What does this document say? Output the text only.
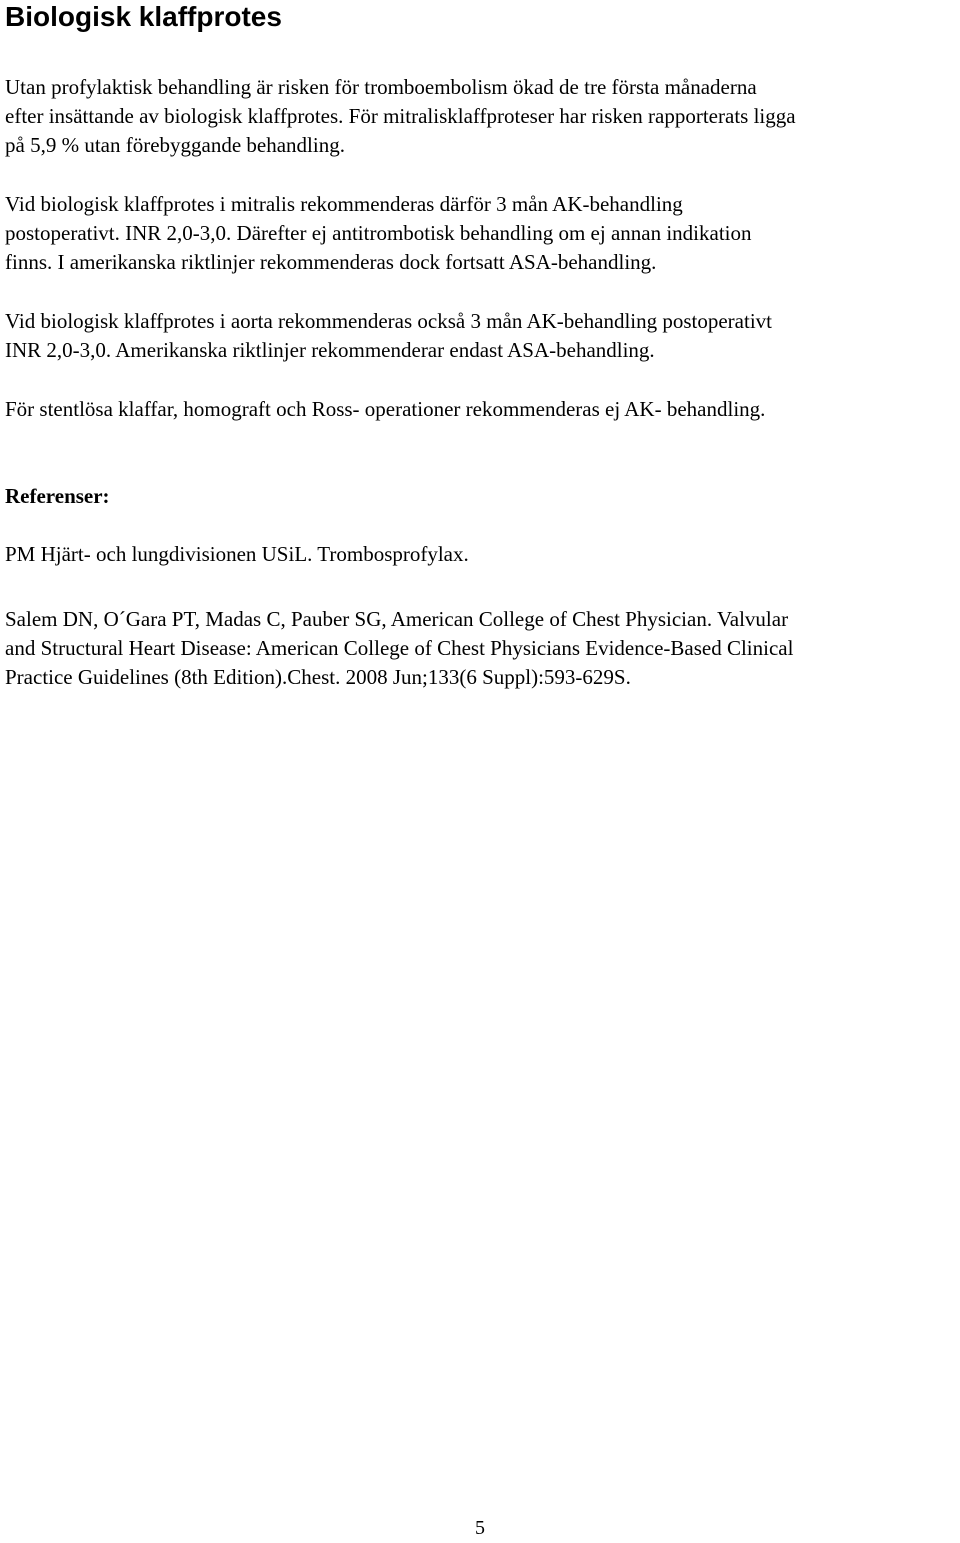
Biologisk klaffprotes

Utan profylaktisk behandling är risken för tromboembolism ökad de tre första månaderna
efter insättande av biologisk klaffprotes. För mitralisklaffproteser har risken rapporterats ligga
på 5,9 % utan förebyggande behandling.

Vid biologisk klaffprotes i mitralis rekommenderas därför 3 mån AK-behandling
postoperativt. INR 2,0-3,0. Därefter ej antitrombotisk behandling om ej annan indikation
finns. I amerikanska riktlinjer rekommenderas dock fortsatt ASA-behandling.

Vid biologisk klaffprotes i aorta rekommenderas också 3 mån AK-behandling postoperativt
INR 2,0-3,0. Amerikanska riktlinjer rekommenderar endast ASA-behandling.

För stentlösa klaffar, homograft och Ross- operationer rekommenderas ej AK- behandling.

Referenser:

PM Hjärt- och lungdivisionen USiL. Trombosprofylax.

Salem DN, O´Gara PT, Madas C, Pauber SG, American College of Chest Physician. Valvular
and Structural Heart Disease: American College of Chest Physicians Evidence-Based Clinical
Practice Guidelines (8th Edition).Chest. 2008 Jun;133(6 Suppl):593-629S.

5
